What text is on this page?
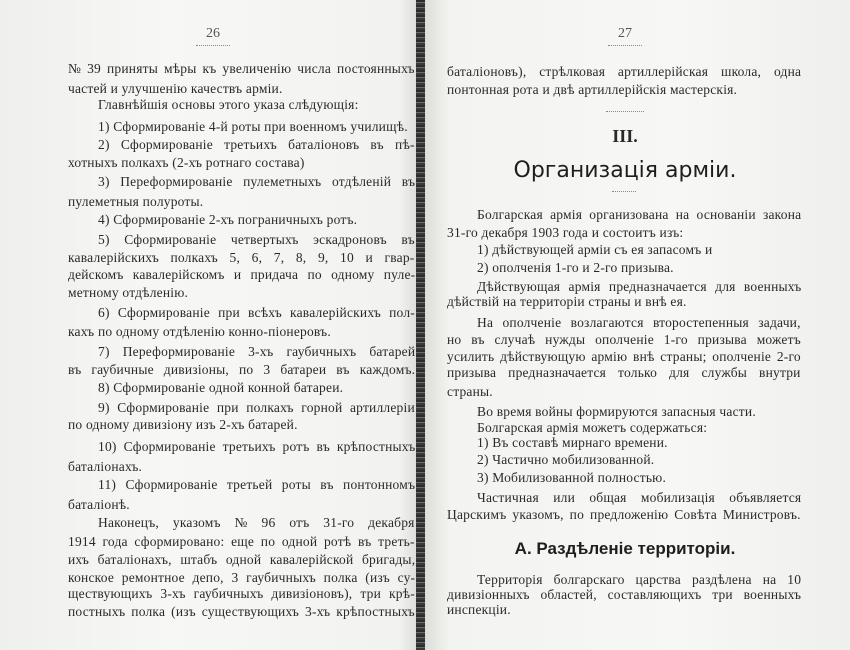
26	27
III.
Организація арміи.
А. Раздѣленіе территоріи.
№ 39 приняты мѣры къ увеличенію числа постоянныхъ
частей и улучшенію качествъ арміи.
Главнѣйшія основы этого указа слѣдующія:
1) Сформированіе 4-й роты при военномъ училищѣ.
2) Сформированіе третьихъ баталіоновъ въ пѣ-
хотныхъ полкахъ (2-хъ ротнаго состава)
3) Переформированіе пулеметныхъ отдѣленій въ
пулеметныя полуроты.
4) Сформированіе 2-хъ пограничныхъ ротъ.
5) Сформированіе четвертыхъ эскадроновъ въ
кавалерійскихъ полкахъ 5, 6, 7, 8, 9, 10 и гвар-
дейскомъ кавалерійскомъ и придача по одному пуле-
метному отдѣленію.
6) Сформированіе при всѣхъ кавалерійскихъ пол-
кахъ по одному отдѣленію конно-піонеровъ.
7) Переформированіе 3-хъ гаубичныхъ батарей
въ гаубичные дивизіоны, по 3 батареи въ каждомъ.
8) Сформированіе одной конной батареи.
9) Сформированіе при полкахъ горной артиллеріи
по одному дивизіону изъ 2-хъ батарей.
10) Сформированіе третьихъ ротъ въ крѣпостныхъ
баталіонахъ.
11) Сформированіе третьей роты въ понтонномъ
баталіонѣ.
Наконецъ, указомъ № 96 отъ 31-го декабря
1914 года сформировано: еще по одной ротѣ въ треть-
ихъ баталіонахъ, штабъ одной кавалерійской бригады,
конское ремонтное депо, 3 гаубичныхъ полка (изъ су-
ществующихъ 3-хъ гаубичныхъ дивизіоновъ), три крѣ-
постныхъ полка (изъ существующихъ 3-хъ крѣпостныхъ
баталіоновъ), стрѣлковая артиллерійская школа, одна
понтонная рота и двѣ артиллерійскія мастерскія.
Болгарская армія организована на основаніи закона
31-го декабря 1903 года и состоитъ изъ:
1) дѣйствующей арміи съ ея запасомъ и
2) ополченія 1-го и 2-го призыва.
Дѣйствующая армія предназначается для военныхъ
дѣйствій на территоріи страны и внѣ ея.
На ополченіе возлагаются второстепенныя задачи,
но въ случаѣ нужды ополченіе 1-го призыва можетъ
усилить дѣйствующую армію внѣ страны; ополченіе 2-го
призыва предназначается только для службы внутри
страны.
Во время войны формируются запасныя части.
Болгарская армія можетъ содержаться:
1) Въ составѣ мирнаго времени.
2) Частично мобилизованной.
3) Мобилизованной полностью.
Частичная или общая мобилизація объявляется
Царскимъ указомъ, по предложенію Совѣта Министровъ.
Территорія болгарскаго царства раздѣлена на 10
дивизіонныхъ областей, составляющихъ три военныхъ
инспекціи.
